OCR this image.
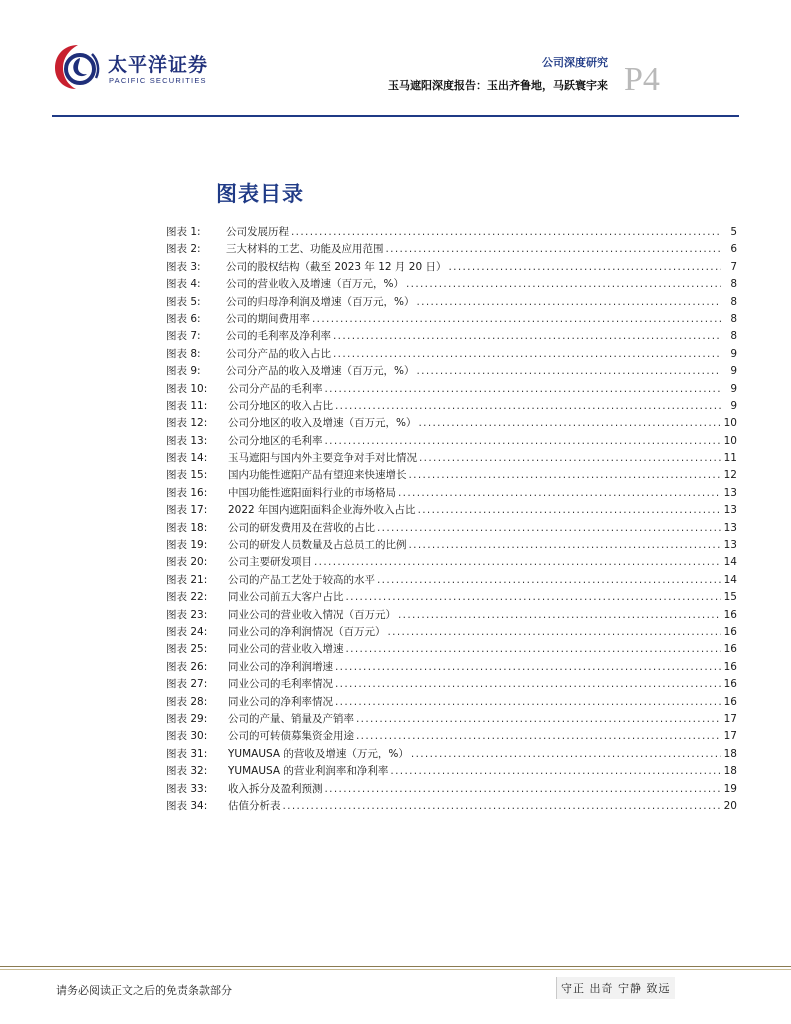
太平洋证券
PACIFIC SECURITIES
公司深度研究
玉马遮阳深度报告：玉出齐鲁地，马跃寰宇来 P4
图表目录
图表 1:	公司发展历程 . . .	5
图表 2:	三大材料的工艺、功能及应用范围 . . .	6
图表 3:	公司的股权结构（截至 2023 年 12 月 20 日） . . .	7
图表 4:	公司的营业收入及增速（百万元，%） . . .	8
图表 5:	公司的归母净利润及增速（百万元，%） . . .	8
图表 6:	公司的期间费用率 . . .	8
图表 7:	公司的毛利率及净利率 . . .	8
图表 8:	公司分产品的收入占比 . . .	9
图表 9:	公司分产品的收入及增速（百万元，%） . . .	9
图表 10:	公司分产品的毛利率 . . .	9
图表 11:	公司分地区的收入占比 . . .	9
图表 12:	公司分地区的收入及增速（百万元，%） . . .	10
图表 13:	公司分地区的毛利率 . . .	10
图表 14:	玉马遮阳与国内外主要竞争对手对比情况 . . .	11
图表 15:	国内功能性遮阳产品有望迎来快速增长 . . .	12
图表 16:	中国功能性遮阳面料行业的市场格局 . . .	13
图表 17:	2022 年国内遮阳面料企业海外收入占比 . . .	13
图表 18:	公司的研发费用及在营收的占比 . . .	13
图表 19:	公司的研发人员数量及占总员工的比例 . . .	13
图表 20:	公司主要研发项目 . . .	14
图表 21:	公司的产品工艺处于较高的水平 . . .	14
图表 22:	同业公司前五大客户占比 . . .	15
图表 23:	同业公司的营业收入情况（百万元） . . .	16
图表 24:	同业公司的净利润情况（百万元） . . .	16
图表 25:	同业公司的营业收入增速 . . .	16
图表 26:	同业公司的净利润增速 . . .	16
图表 27:	同业公司的毛利率情况 . . .	16
图表 28:	同业公司的净利率情况 . . .	16
图表 29:	公司的产量、销量及产销率 . . .	17
图表 30:	公司的可转债募集资金用途 . . .	17
图表 31:	YUMAUSA 的营收及增速（万元，%） . . .	18
图表 32:	YUMAUSA 的营业利润率和净利率 . . .	18
图表 33:	收入拆分及盈利预测 . . .	19
图表 34:	估值分析表 . . .	20
请务必阅读正文之后的免责条款部分	守正 出奇 宁静 致远
